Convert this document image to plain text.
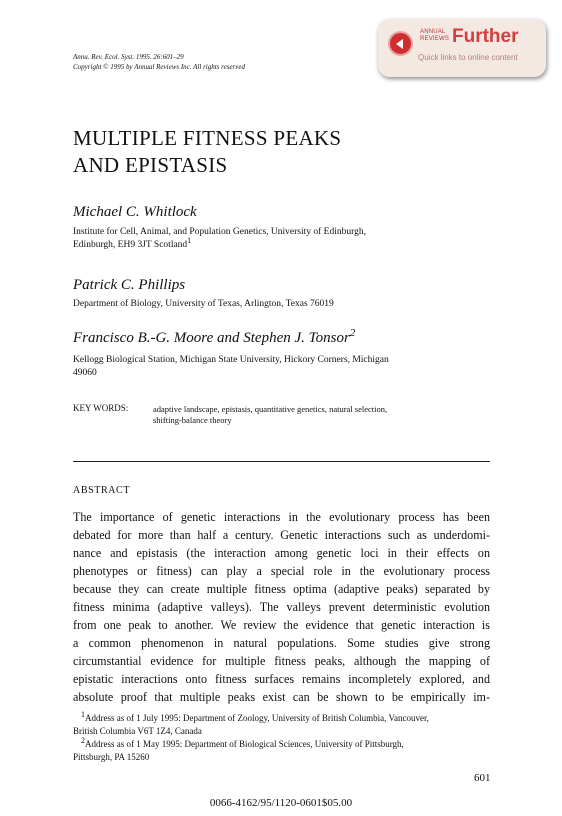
Annu. Rev. Ecol. Syst. 1995. 26:601–29
Copyright © 1995 by Annual Reviews Inc. All rights reserved
ANNUAL
REVIEWS Further
Quick links to online content
MULTIPLE FITNESS PEAKS
AND EPISTASIS
Michael C. Whitlock
Institute for Cell, Animal, and Population Genetics, University of Edinburgh,
Edinburgh, EH9 3JT Scotland$^1$
Patrick C. Phillips
Department of Biology, University of Texas, Arlington, Texas 76019
Francisco B.-G. Moore and Stephen J. Tonsor$^2$
Kellogg Biological Station, Michigan State University, Hickory Corners, Michigan
49060
KEY WORDS:	adaptive landscape, epistasis, quantitative genetics, natural selection,
shifting-balance theory
ABSTRACT
The importance of genetic interactions in the evolutionary process has been
debated for more than half a century. Genetic interactions such as underdomi-
nance and epistasis (the interaction among genetic loci in their effects on
phenotypes or fitness) can play a special role in the evolutionary process
because they can create multiple fitness optima (adaptive peaks) separated by
fitness minima (adaptive valleys). The valleys prevent deterministic evolution
from one peak to another. We review the evidence that genetic interaction is
a common phenomenon in natural populations. Some studies give strong
circumstantial evidence for multiple fitness peaks, although the mapping of
epistatic interactions onto fitness surfaces remains incompletely explored, and
absolute proof that multiple peaks exist can be shown to be empirically im-
$^1$Address as of 1 July 1995: Department of Zoology, University of British Columbia, Vancouver,
British Columbia V6T 1Z4, Canada
$^2$Address as of 1 May 1995: Department of Biological Sciences, University of Pittsburgh,
Pittsburgh, PA 15260
601
0066-4162/95/1120-0601$05.00
